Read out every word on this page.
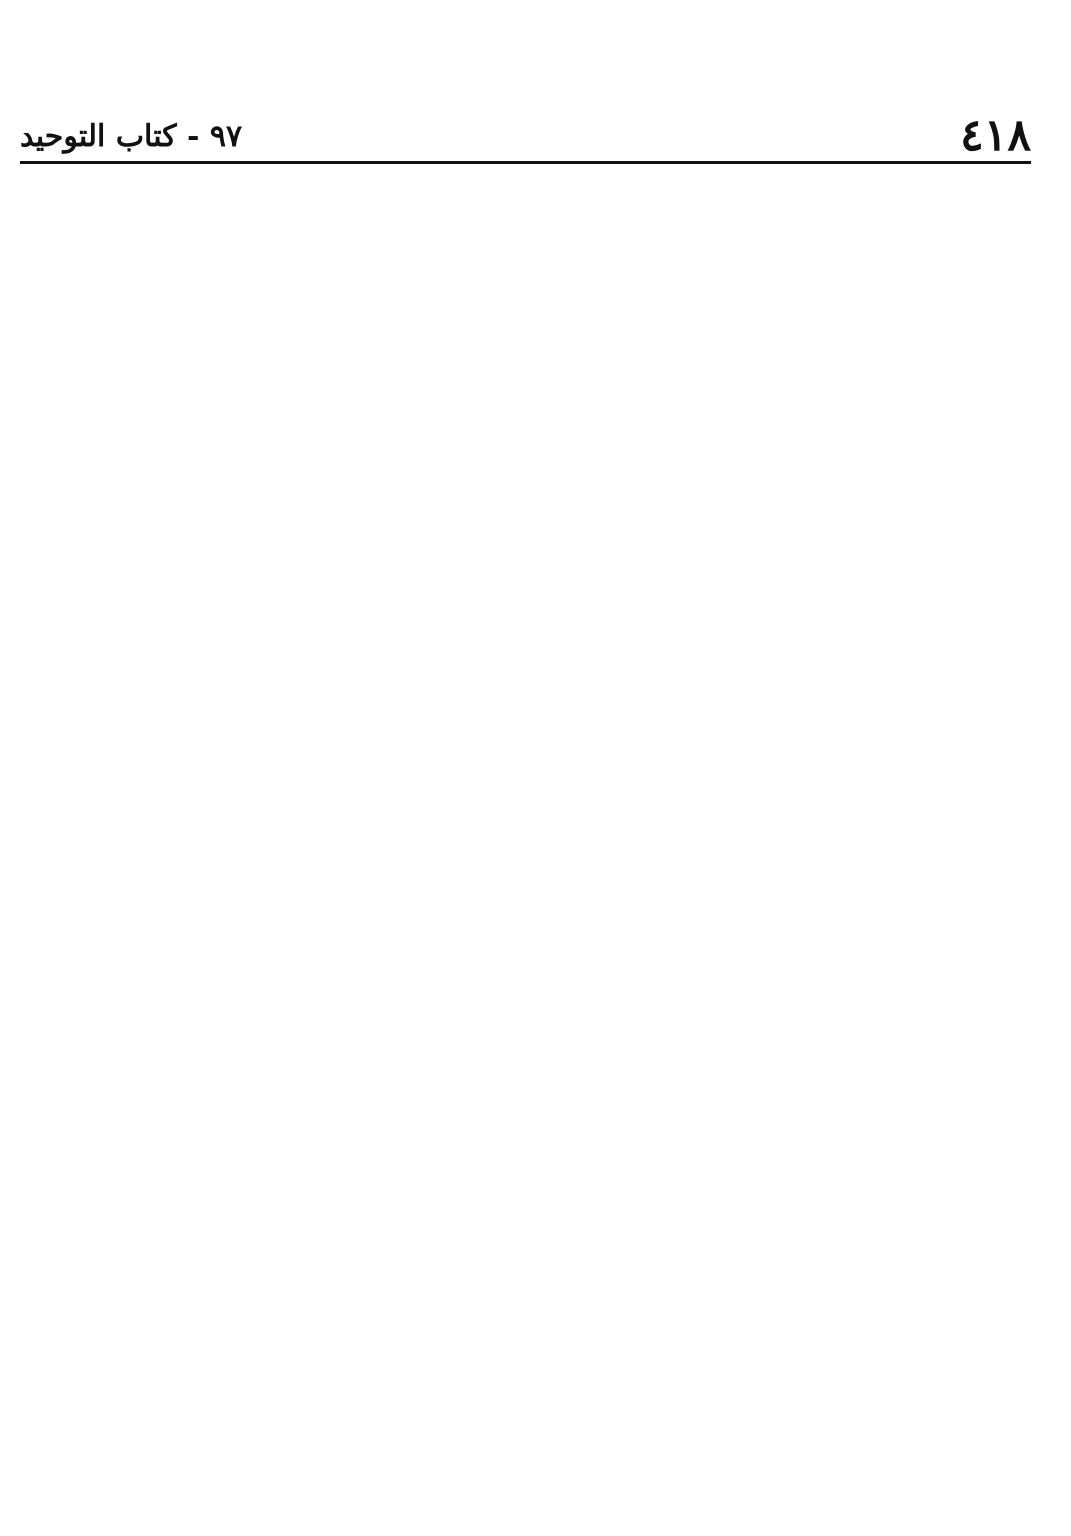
٤١٨
٩٧ - كتاب التوحيد
